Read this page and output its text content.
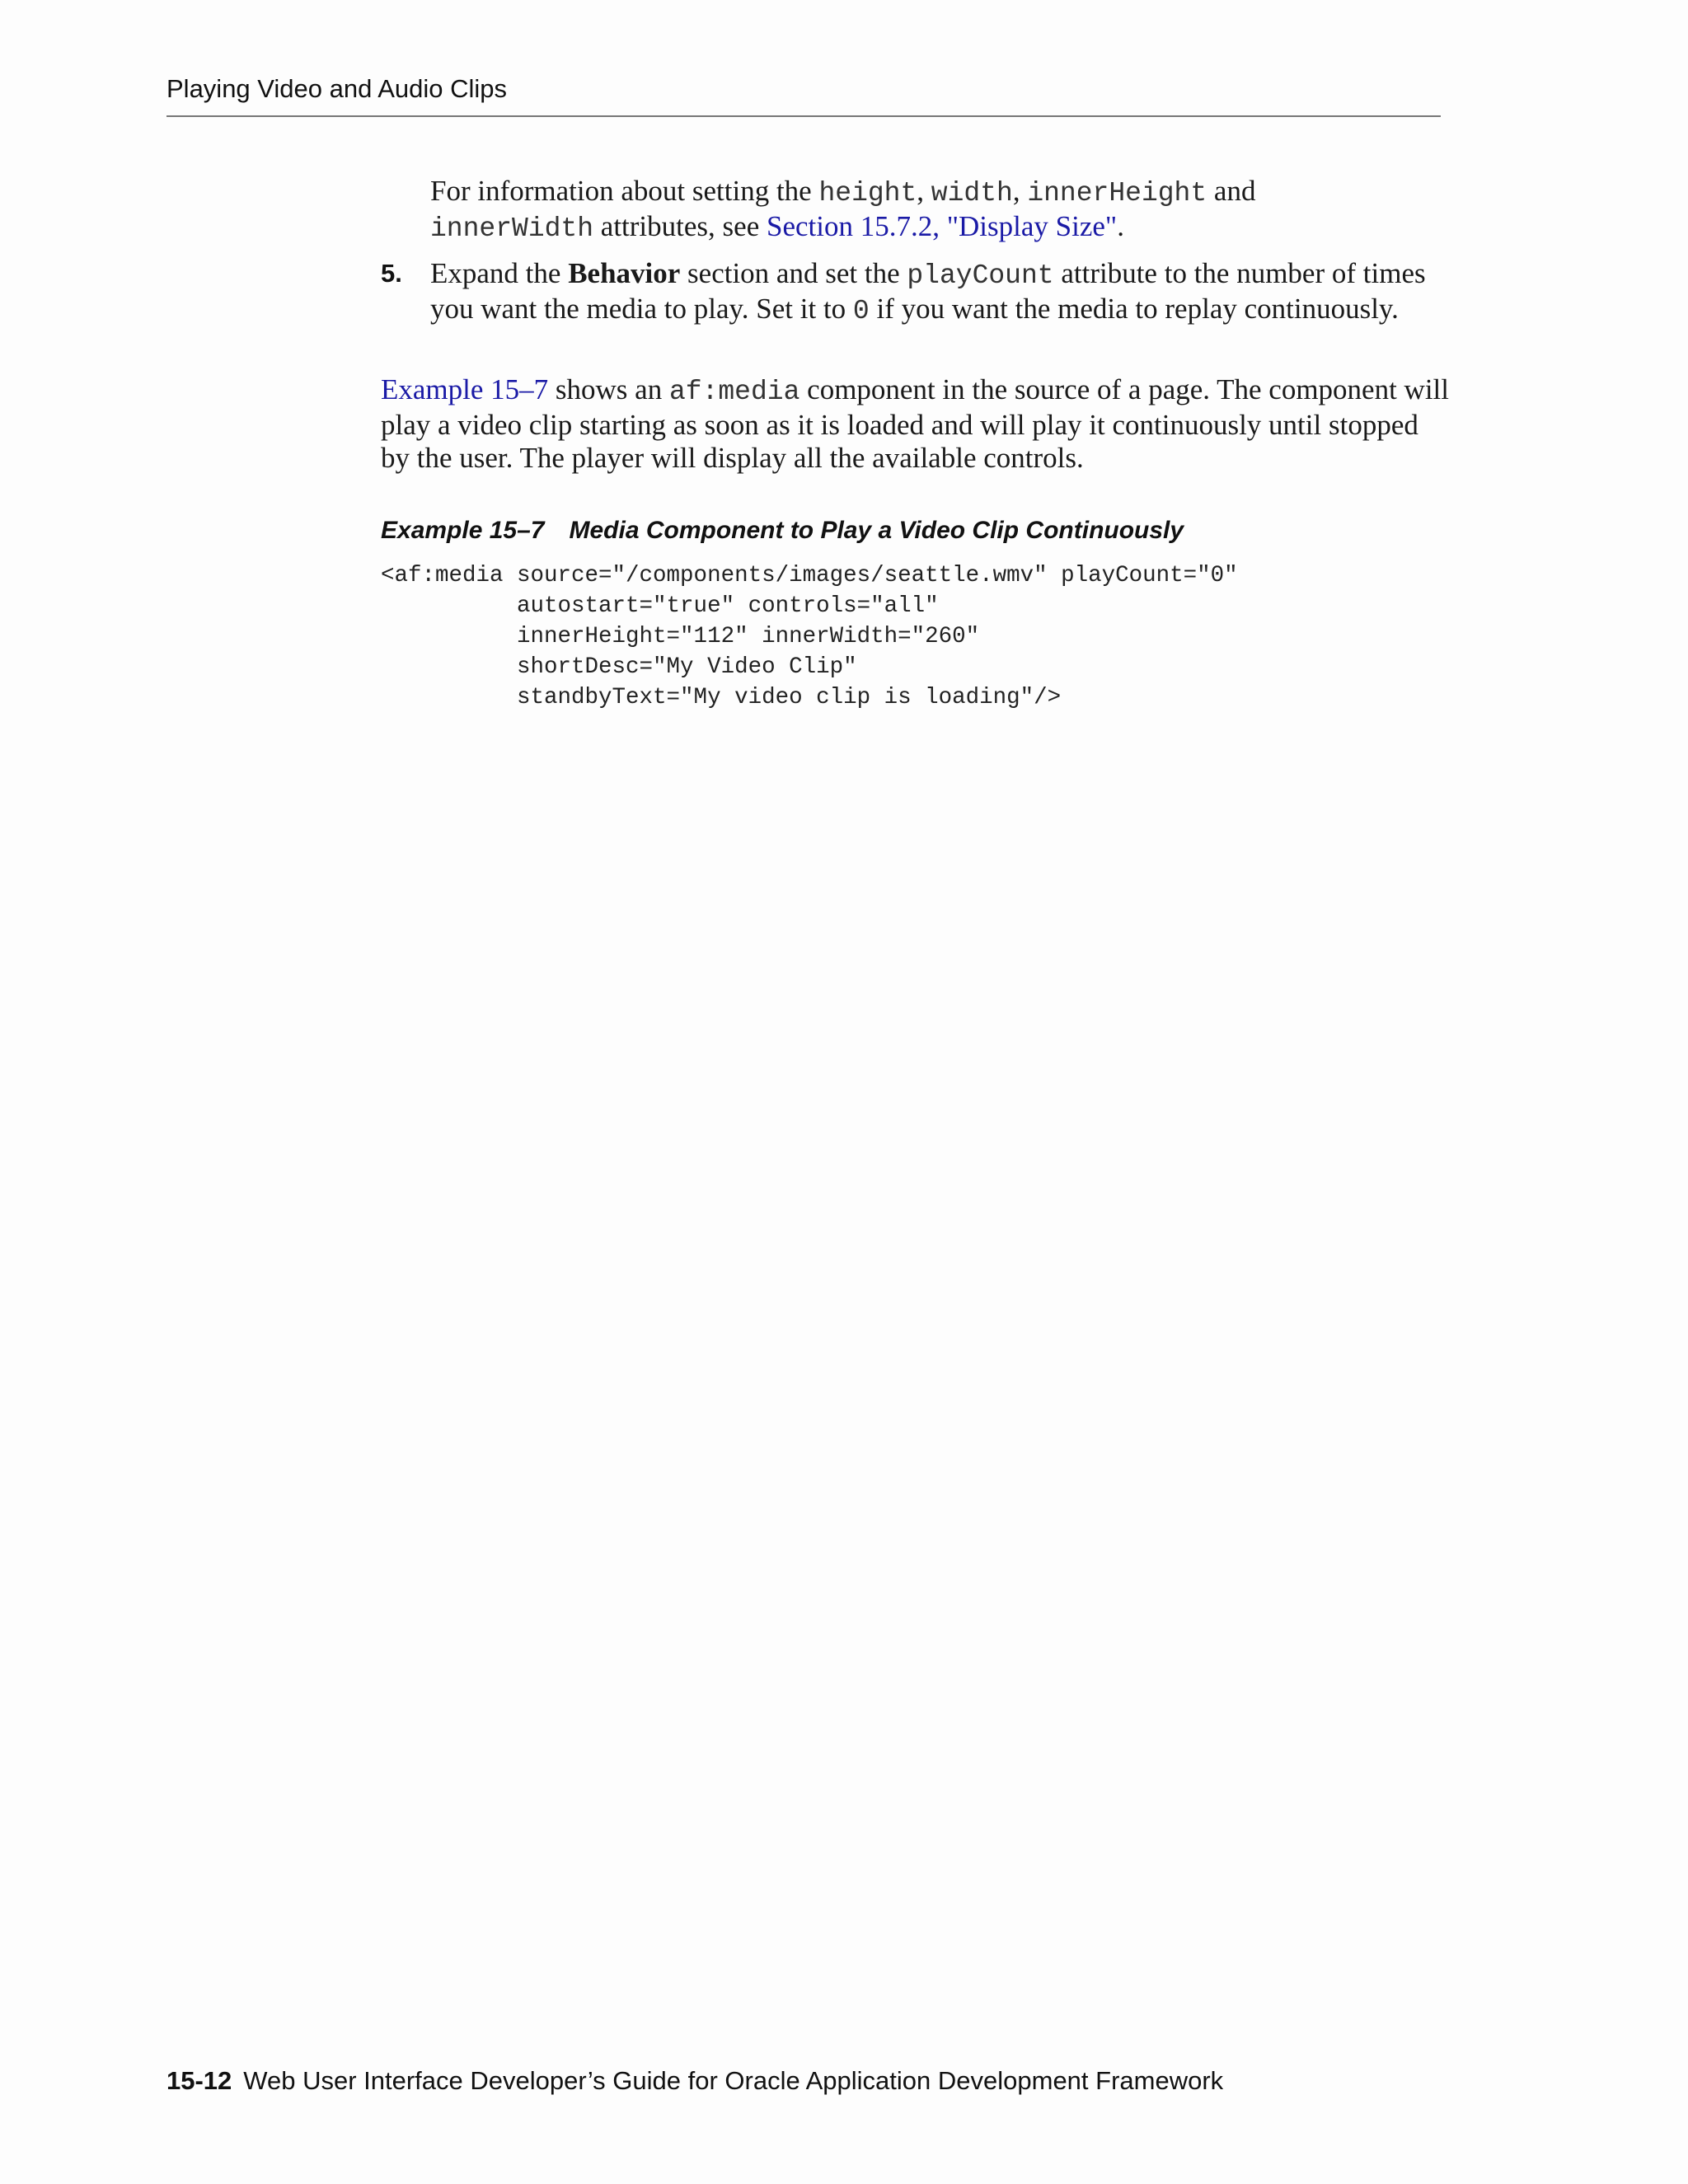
Playing Video and Audio Clips
For information about setting the height, width, innerHeight and
innerWidth attributes, see Section 15.7.2, "Display Size".
5. Expand the Behavior section and set the playCount attribute to the number of times you want the media to play. Set it to 0 if you want the media to replay continuously.
Example 15–7 shows an af:media component in the source of a page. The component will play a video clip starting as soon as it is loaded and will play it continuously until stopped by the user. The player will display all the available controls.
Example 15–7 Media Component to Play a Video Clip Continuously
<af:media source="/components/images/seattle.wmv" playCount="0"
autostart="true" controls="all"
innerHeight="112" innerWidth="260"
shortDesc="My Video Clip"
standbyText="My video clip is loading"/>
15-12 Web User Interface Developer’s Guide for Oracle Application Development Framework
